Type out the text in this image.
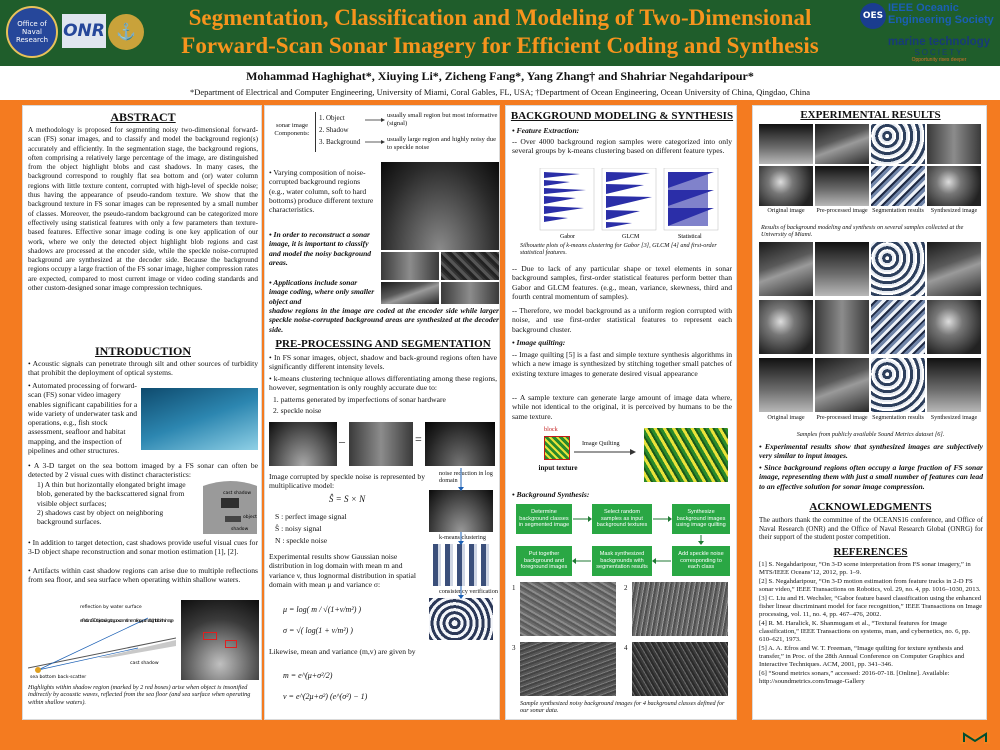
Office of Naval Research ONR ⚓
Segmentation, Classification and Modeling of Two-Dimensional
Forward-Scan Sonar Imagery for Efficient Coding and Synthesis
OES
IEEE Oceanic
Engineering Society
marine technology
SOCIETY
Opportunity rises deeper
Mohammad Haghighat*, Xiuying Li*, Zicheng Fang*, Yang Zhang† and Shahriar Negahdaripour*
*Department of Electrical and Computer Engineering, University of Miami, Coral Gables, FL, USA; †Department of Ocean Engineering, Ocean University of China, Qingdao, China
ABSTRACT
A methodology is proposed for segmenting noisy two-dimensional forward-scan (FS) sonar images, and to classify and model the background region(s) accurately and efficiently. In the segmentation stage, the background regions, often comprising a relatively large percentage of the image, are distinguished from the object highlight blobs and cast shadows. In many cases, the background correspond to roughly flat sea bottom and (or) water column regions with little texture content, corrupted with high-level of speckle noise; thus having the appearance of pseudo-random texture. We show that the background texture in FS sonar images can be represented by a small number of classes. Moreover, the pseudo-random background can be categorized more effectively using statistical features with only a few parameters than texture-based features. Effective sonar image coding is one key application of our work, where we only the detected object highlight blob regions and cast shadows are processed at the encoder side, while the speckle noise-corrupted background are synthesized at the decoder side. Because the background regions occupy a large fraction of the FS sonar image, higher compression rates are expected, compared to most current image or video coding standards and other custom-designed sonar image compression techniques.
INTRODUCTION
• Acoustic signals can penetrate through silt and other sources of turbidity that prohibit the deployment of optical systems.
• Automated processing of forward-scan (FS) sonar video imagery enables significant capabilities for a wide variety of underwater task and operations, e.g., fish stock assessment, seafloor and habitat mapping, and the inspection of pipelines and other structures.
• A 3-D target on the sea bottom imaged by a FS sonar can often be detected by 2 visual cues with distinct characteristics:
1) A thin but horizontally elongated bright image blob, generated by the backscattered signal from visible object surfaces;
2) shadows cast by object on neighboring background surfaces.
cast shadow
object
shadow
• In addition to target detection, cast shadows provide useful visual cues for 3-D object shape reconstruction and sonar motion estimation [1], [2].
• Artifacts within cast shadow regions can arise due to multiple reflections from sea floor, and sea surface when operating within shallow waters.
reflection by water surface
reflection of 3-D object arriving at approx. same time making up small bright blob in the image
sea bottom back-scatter
cast shadow
Highlights within shadow region (marked by 2 red boxes) arise when object is insonified indirectly by acoustic waves, reflected from the sea floor (and sea surface when operating within shallow waters).
sonar image
Components:
1. Object
2. Shadow
3. Background
usually small region but most informative (signal)
usually large region and highly noisy due to speckle noise
• Varying composition of noise-corrupted background regions (e.g., water column, soft to hard bottoms) produce different texture characteristics.
• In order to reconstruct a sonar image, it is important to classify and model the noisy background areas.
• Applications include sonar image coding, where only smaller object and
shadow regions in the image are coded at the encoder side while larger speckle noise-corrupted background areas are synthesized at the decoder side.
PRE-PROCESSING AND SEGMENTATION
• In FS sonar images, object, shadow and back-ground regions often have significantly different intensity levels.
• k-means clustering technique allows differentiating among these regions, however, segmentation is only roughly accurate due to:
1. patterns generated by imperfections of sonar hardware
2. speckle noise
–	=
Image corrupted by speckle noise is represented by multiplicative model:
Ŝ = S × N
S : perfect image signal
Ŝ : noisy signal
N : speckle noise
Experimental results show Gaussian noise distribution in log domain with mean m and variance v, thus lognormal distribution in spatial domain with mean μ and variance σ:
μ = log( m / √(1+v/m²) )
σ = √( log(1 + v/m²) )
Likewise, mean and variance (m,v) are given by
m = e^(μ+σ²/2)
v = e^(2μ+σ²) (e^(σ²) − 1)
noise reduction in log domain
k-means clustering
consistency verification
BACKGROUND MODELING & SYNTHESIS
• Feature Extraction:
-- Over 4000 background region samples were categorized into only several groups by k-means clustering based on different feature types.
Gabor	GLCM	Statistical
Silhouette plots of k-means clustering for Gabor [3], GLCM [4] and first-order statistical features.
-- Due to lack of any particular shape or texel elements in sonar background samples, first-order statistical features perform better than Gabor and GLCM features. (e.g., mean, variance, skewness, third and fourth central momentum of samples).
-- Therefore, we model background as a uniform region corrupted with noise, and use first-order statistical features to represent each background cluster.
• Image quilting:
-- Image quilting [5] is a fast and simple texture synthesis algorithms in which a new image is synthesized by stitching together small patches of existing texture images to generate desired visual appearance
-- A sample texture can generate large amount of image data where, while not identical to the original, it is perceived by humans to be the same texture.
block
input texture
Image Quilting
• Background Synthesis:
Determine background classes in segmented image
Select random samples as input background textures
Synthesize background images using image quilting
Put together background and foreground images
Mask synthesized backgrounds with segmentation results
Add speckle noise corresponding to each class
1	2
3	4
Sample synthesized noisy background images for 4 background classes defined for our sonar data.
EXPERIMENTAL RESULTS
Original image	Pre-processed image Segmentation results	Synthesized image
Results of background modeling and synthesis on several samples collected at the University of Miami.
Original image	Pre-processed image Segmentation results	Synthesized image
Samples from publicly available Sound Metrics dataset [6].
• Experimental results show that synthesized images are subjectively very similar to input images.
• Since background regions often occupy a large fraction of FS sonar image, representing them with just a small number of features can lead to an effective solution for sonar image compression.
ACKNOWLEDGMENTS
The authors thank the committee of the OCEANS16 conference, and Office of Naval Research (ONR) and the Office of Naval Research Global (ONRG) for their support of the student poster competition.
REFERENCES
[1] S. Negahdaripour, “On 3-D scene interpretation from FS sonar imagery,” in MTS/IEEE Oceans’12, 2012, pp. 1–9.
[2] S. Negahdaripour, “On 3-D motion estimation from feature tracks in 2-D FS sonar video,” IEEE Transactions on Robotics, vol. 29, no. 4, pp. 1016–1030, 2013.
[3] C. Liu and H. Wechsler, “Gabor feature based classification using the enhanced fisher linear discriminant model for face recognition,” IEEE Transactions on Image processing, vol. 11, no. 4, pp. 467–476, 2002.
[4] R. M. Haralick, K. Shanmugam et al., “Textural features for image classification,” IEEE Transactions on systems, man, and cybernetics, no. 6, pp. 610–621, 1973.
[5] A. A. Efros and W. T. Freeman, “Image quilting for texture synthesis and transfer,” in Proc. of the 28th Annual Conference on Computer Graphics and Interactive Techniques. ACM, 2001, pp. 341–346.
[6] “Sound metrics sonars,” accessed: 2016-07-18. [Online]. Available: http://soundmetrics.com/Image-Gallery
